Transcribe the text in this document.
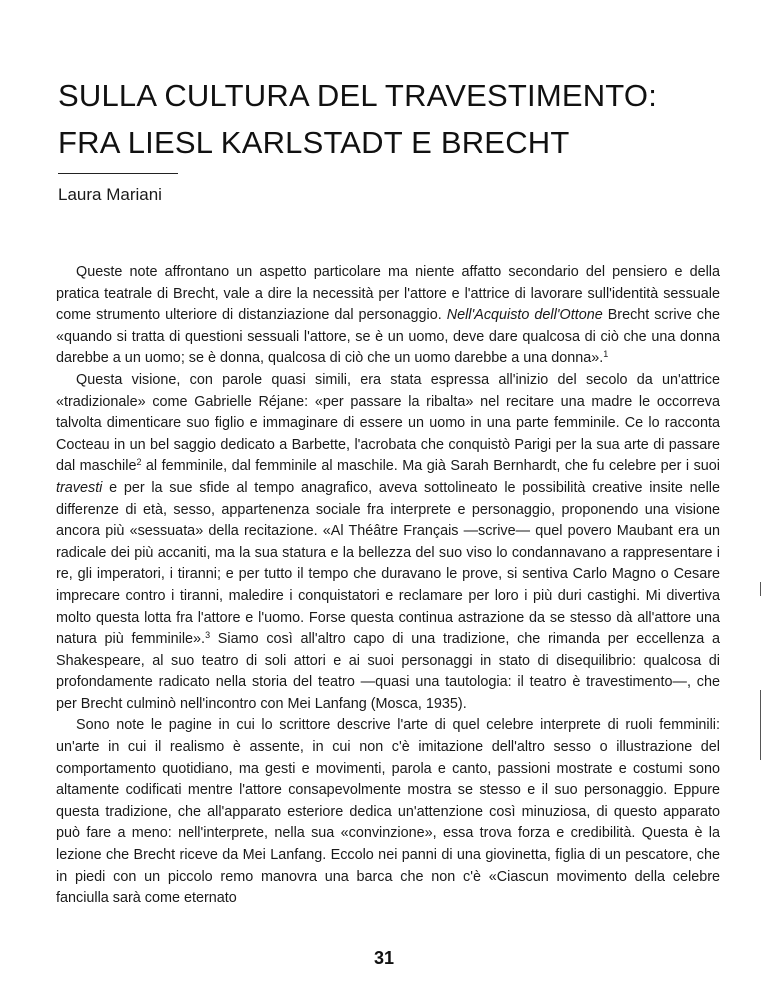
SULLA CULTURA DEL TRAVESTIMENTO:
FRA LIESL KARLSTADT E BRECHT
Laura Mariani

Queste note affrontano un aspetto particolare ma niente affatto secondario del pensiero e della pratica teatrale di Brecht, vale a dire la necessità per l'attore e l'attrice di lavorare sull'identità sessuale come strumento ulteriore di distanziazione dal personaggio. Nell'Acquisto dell'Ottone Brecht scrive che «quando si tratta di questioni sessuali l'attore, se è un uomo, deve dare qualcosa di ciò che una donna darebbe a un uomo; se è donna, qualcosa di ciò che un uomo darebbe a una donna».$^1$

Questa visione, con parole quasi simili, era stata espressa all'inizio del secolo da un'attrice «tradizionale» come Gabrielle Réjane: «per passare la ribalta» nel recitare una madre le occorreva talvolta dimenticare suo figlio e immaginare di essere un uomo in una parte femminile. Ce lo racconta Cocteau in un bel saggio dedicato a Barbette, l'acrobata che conquistò Parigi per la sua arte di passare dal maschile$^2$ al femminile, dal femminile al maschile. Ma già Sarah Bernhardt, che fu celebre per i suoi travesti e per la sue sfide al tempo anagrafico, aveva sottolineato le possibilità creative insite nelle differenze di età, sesso, appartenenza sociale fra interprete e personaggio, proponendo una visione ancora più «sessuata» della recitazione. «Al Théâtre Français —scrive— quel povero Maubant era un radicale dei più accaniti, ma la sua statura e la bellezza del suo viso lo condannavano a rappresentare i re, gli imperatori, i tiranni; e per tutto il tempo che duravano le prove, si sentiva Carlo Magno o Cesare imprecare contro i tiranni, maledire i conquistatori e reclamare per loro i più duri castighi. Mi divertiva molto questa lotta fra l'attore e l'uomo. Forse questa continua astrazione da se stesso dà all'attore una natura più femminile».$^3$ Siamo così all'altro capo di una tradizione, che rimanda per eccellenza a Shakespeare, al suo teatro di soli attori e ai suoi personaggi in stato di disequilibrio: qualcosa di profondamente radicato nella storia del teatro —quasi una tautologia: il teatro è travestimento—, che per Brecht culminò nell'incontro con Mei Lanfang (Mosca, 1935).

Sono note le pagine in cui lo scrittore descrive l'arte di quel celebre interprete di ruoli femminili: un'arte in cui il realismo è assente, in cui non c'è imitazione dell'altro sesso o illustrazione del comportamento quotidiano, ma gesti e movimenti, parola e canto, passioni mostrate e costumi sono altamente codificati mentre l'attore consapevolmente mostra se stesso e il suo personaggio. Eppure questa tradizione, che all'apparato esteriore dedica un'attenzione così minuziosa, di questo apparato può fare a meno: nell'interprete, nella sua «convinzione», essa trova forza e credibilità. Questa è la lezione che Brecht riceve da Mei Lanfang. Eccolo nei panni di una giovinetta, figlia di un pescatore, che in piedi con un piccolo remo manovra una barca che non c'è «Ciascun movimento della celebre fanciulla sarà come eternato

31
